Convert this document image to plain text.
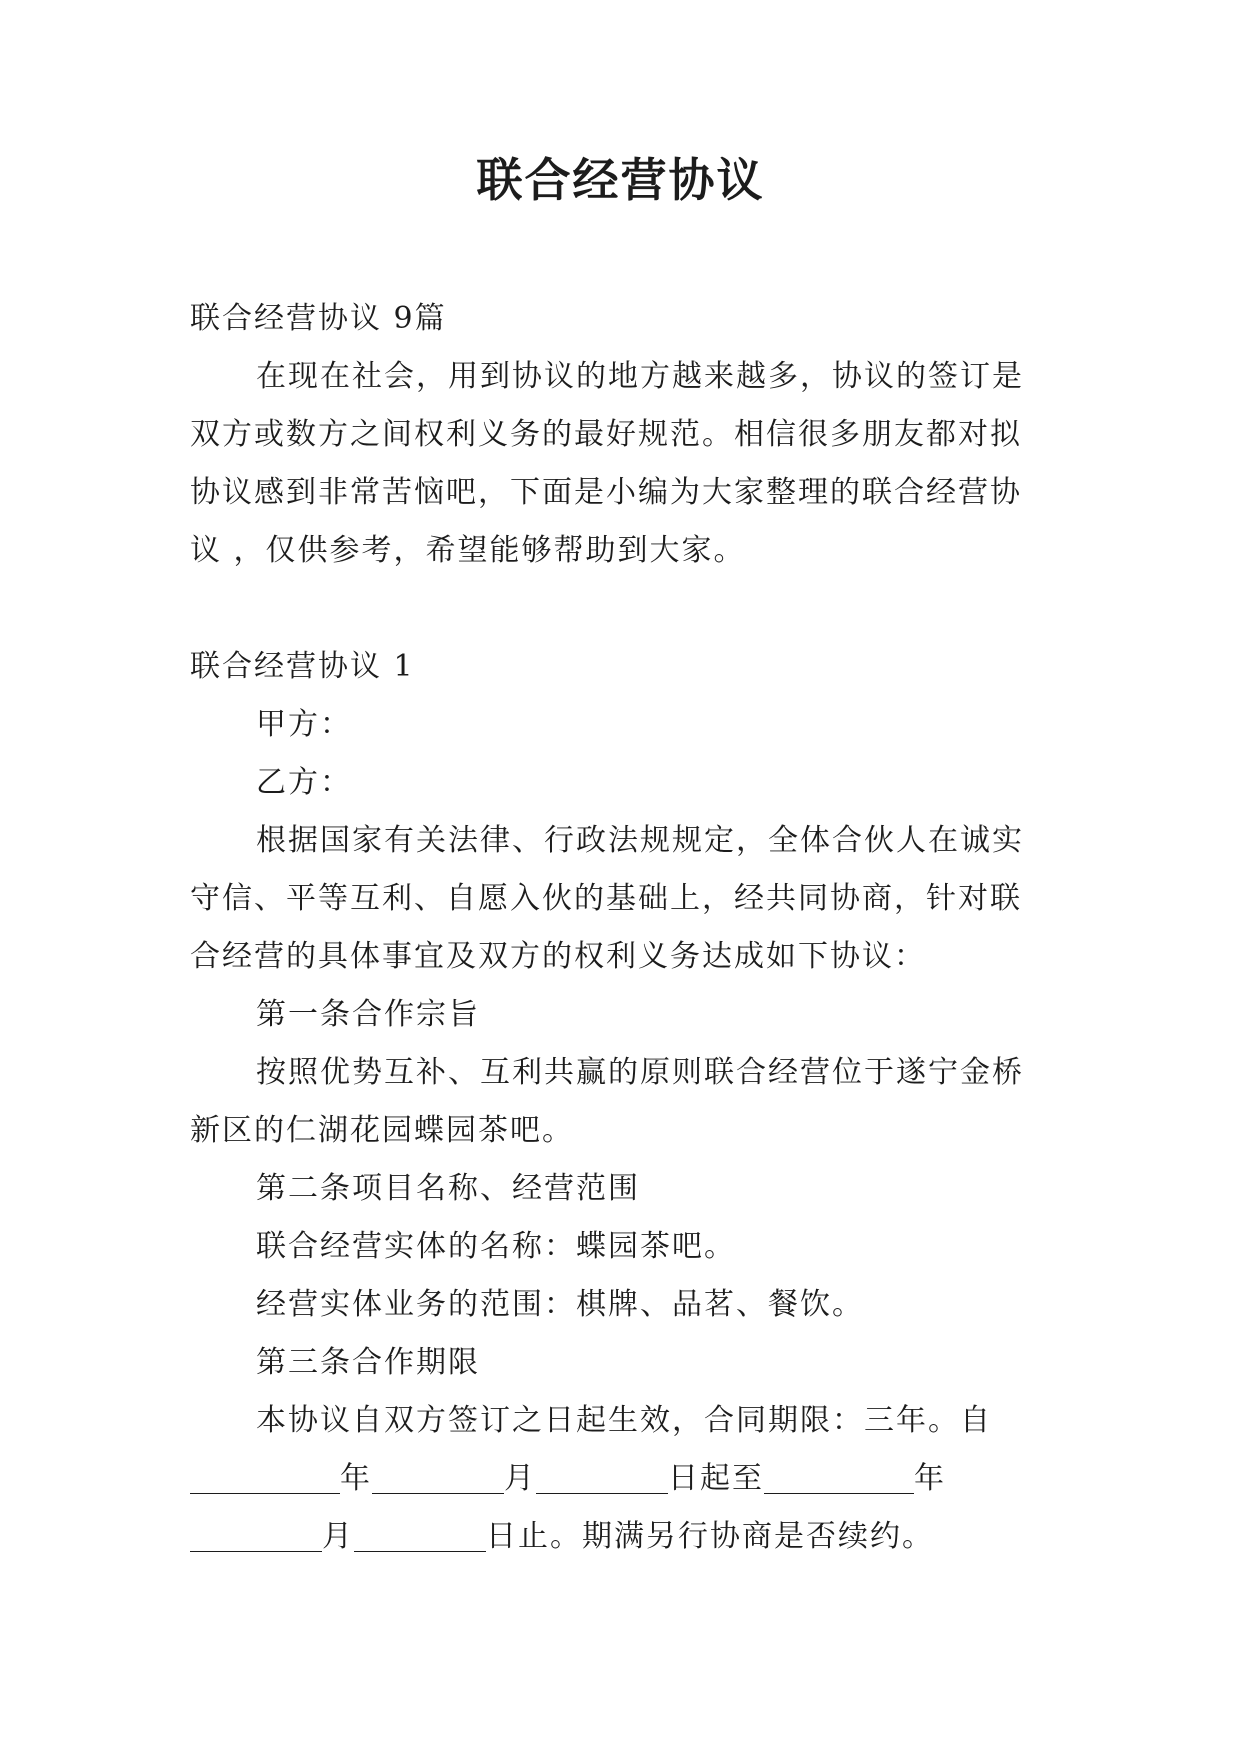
联合经营协议

联合经营协议 9篇

在现在社会，用到协议的地方越来越多，协议的签订是双方或数方之间权利义务的最好规范。相信很多朋友都对拟协议感到非常苦恼吧，下面是小编为大家整理的联合经营协议 ，仅供参考，希望能够帮助到大家。

联合经营协议 1

甲方：

乙方：

根据国家有关法律、行政法规规定，全体合伙人在诚实守信、平等互利、自愿入伙的基础上，经共同协商，针对联合经营的具体事宜及双方的权利义务达成如下协议：

第一条合作宗旨

按照优势互补、互利共赢的原则联合经营位于遂宁金桥新区的仁湖花园蝶园茶吧。

第二条项目名称、经营范围

联合经营实体的名称：蝶园茶吧。

经营实体业务的范围：棋牌、品茗、餐饮。

第三条合作期限

本协议自双方签订之日起生效，合同期限：三年。自年	月	日起至	年月	日止。期满另行协商是否续约。
